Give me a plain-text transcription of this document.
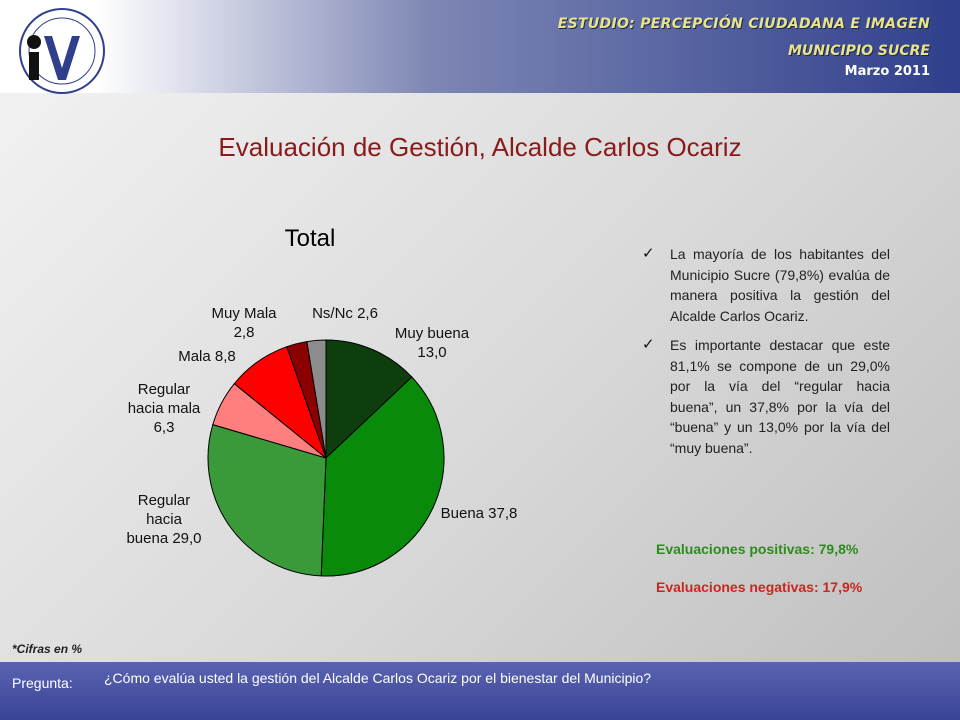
ESTUDIO: PERCEPCIÓN CIUDADANA E IMAGEN
MUNICIPIO SUCRE
Marzo 2011
Evaluación de Gestión, Alcalde Carlos Ocariz
Total
Muy buena 13,0
Buena 37,8
Regular hacia buena 29,0
Regular hacia mala 6,3
Mala 8,8
Muy Mala 2,8
Ns/Nc 2,6
✓ La mayoría de los habitantes del Municipio Sucre (79,8%) evalúa de manera positiva la gestión del Alcalde Carlos Ocariz.
✓ Es importante destacar que este 81,1% se compone de un 29,0% por la vía del “regular hacia buena”, un 37,8% por la vía del “buena” y un 13,0% por la vía del “muy buena”.
Evaluaciones positivas: 79,8%
Evaluaciones negativas: 17,9%
*Cifras en %
Pregunta: ¿Cómo evalúa usted la gestión del Alcalde Carlos Ocariz por el bienestar del Municipio?
